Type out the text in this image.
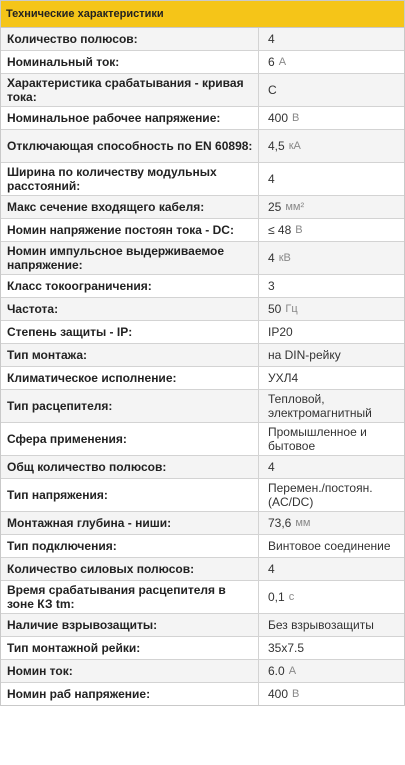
Технические характеристики
Количество полюсов:	4
Номинальный ток:	6 А
Характеристика срабатывания - кривая тока:	C
Номинальное рабочее напряжение:	400 В
Отключающая способность по EN 60898:	4,5 кА
Ширина по количеству модульных расстояний:	4
Макс сечение входящего кабеля:	25 мм²
Номин напряжение постоян тока - DC:	≤ 48 В
Номин импульсное выдерживаемое напряжение:	4 кВ
Класс токоограничения:	3
Частота:	50 Гц
Степень защиты - IP:	IP20
Тип монтажа:	на DIN-рейку
Климатическое исполнение:	УХЛ4
Тип расцепителя:	Тепловой, электромагнитный
Сфера применения:	Промышленное и бытовое
Общ количество полюсов:	4
Тип напряжения:	Перемен./постоян. (AC/DC)
Монтажная глубина - ниши:	73,6 мм
Тип подключения:	Винтовое соединение
Количество силовых полюсов:	4
Время срабатывания расцепителя в зоне КЗ tm:	0,1 с
Наличие взрывозащиты:	Без взрывозащиты
Тип монтажной рейки:	35x7.5
Номин ток:	6.0 А
Номин раб напряжение:	400 В
